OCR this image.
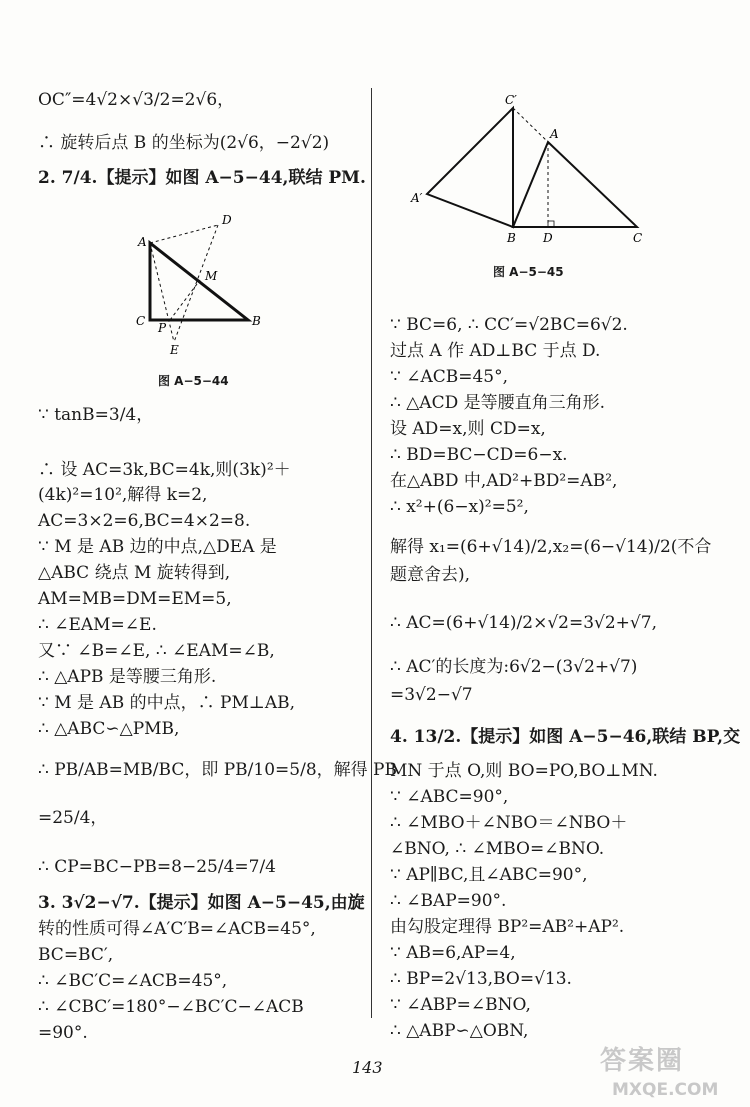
OC″=4√2×√3/2=2√6，
∴ 旋转后点 B 的坐标为(2√6，−2√2)
2. 7/4.【提示】如图 A−5−44,联结 PM.
∵ tanB=3/4，
∴ 设 AC=3k,BC=4k,则(3k)²＋
(4k)²=10²,解得 k=2,
AC=3×2=6,BC=4×2=8.
∵ M 是 AB 边的中点,△DEA 是
△ABC 绕点 M 旋转得到,
AM=MB=DM=EM=5,
∴ ∠EAM=∠E.
又∵ ∠B=∠E, ∴ ∠EAM=∠B,
∴ △APB 是等腰三角形.
∵ M 是 AB 的中点，∴ PM⊥AB,
∴ △ABC∽△PMB,
∴ PB/AB=MB/BC，即 PB/10=5/8，解得 PB
=25/4，
∴ CP=BC−PB=8−25/4=7/4
3. 3√2−√7.【提示】如图 A−5−45,由旋
转的性质可得∠A′C′B=∠ACB=45°,
BC=BC′,
∴ ∠BC′C=∠ACB=45°,
∴ ∠CBC′=180°−∠BC′C−∠ACB
=90°.
∵ BC=6, ∴ CC′=√2BC=6√2.
过点 A 作 AD⊥BC 于点 D.
∵ ∠ACB=45°,
∴ △ACD 是等腰直角三角形.
设 AD=x,则 CD=x,
∴ BD=BC−CD=6−x.
在△ABD 中,AD²+BD²=AB²,
∴ x²+(6−x)²=5²,
解得 x₁=(6+√14)/2,x₂=(6−√14)/2(不合
题意舍去),
∴ AC=(6+√14)/2×√2=3√2+√7,
∴ AC′的长度为:6√2−(3√2+√7)
=3√2−√7
4. 13/2.【提示】如图 A−5−46,联结 BP,交
MN 于点 O,则 BO=PO,BO⊥MN.
∵ ∠ABC=90°,
∴ ∠MBO＋∠NBO＝∠NBO＋
∠BNO, ∴ ∠MBO=∠BNO.
∵ AP∥BC,且∠ABC=90°,
∴ ∠BAP=90°.
由勾股定理得 BP²=AB²+AP².
∵ AB=6,AP=4,
∴ BP=2√13,BO=√13.
∵ ∠ABP=∠BNO,
∴ △ABP∽△OBN,
A
D
M
C P	B
E
图 A−5−44
C′
A
A′
B D	C
图 A−5−45
143	答案圈
MXQE.COM
